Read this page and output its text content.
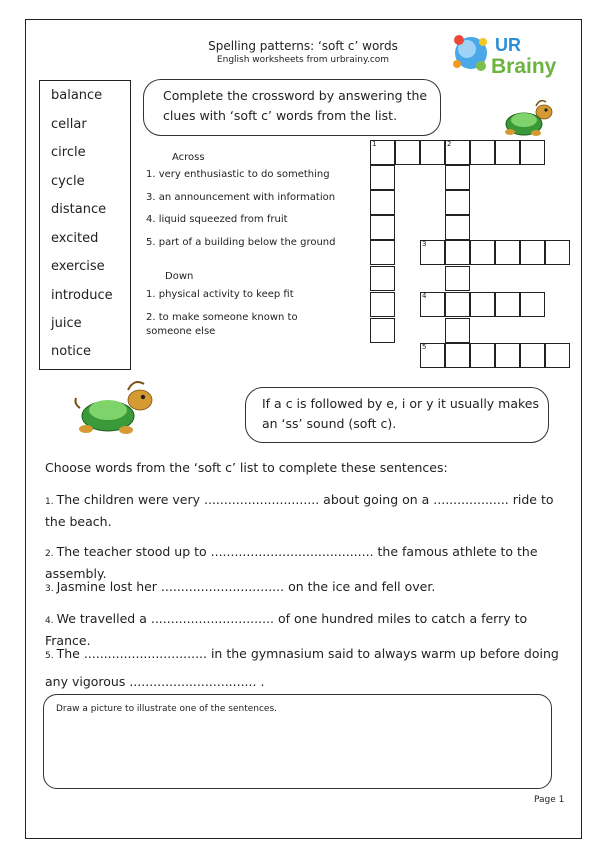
Spelling patterns: ‘soft c’ words
English worksheets from urbrainy.com
UR
Brainy
balance
cellar
circle
cycle
distance
excited
exercise
introduce
juice
notice
Complete the crossword by answering the clues with ‘soft c’ words from the list.
Across
1. very enthusiastic to do something
3. an announcement with information
4. liquid squeezed from fruit
5. part of a building below the ground
Down
1. physical activity to keep fit
2. to make someone known to someone else
1	2
3
4
5
If a c is followed by e, i or y it usually makes an ‘ss’ sound (soft c).
Choose words from the ‘soft c’ list to complete these sentences:
1. The children were very ............................. about going on a ................... ride to the beach.
2. The teacher stood up to ......................................... the famous athlete to the assembly.
3. Jasmine lost her ............................... on the ice and fell over.
4. We travelled a ............................... of one hundred miles to catch a ferry to France.
5. The ............................... in the gymnasium said to always warm up before doing any vigorous ................................ .
Draw a picture to illustrate one of the sentences.
Page 1
